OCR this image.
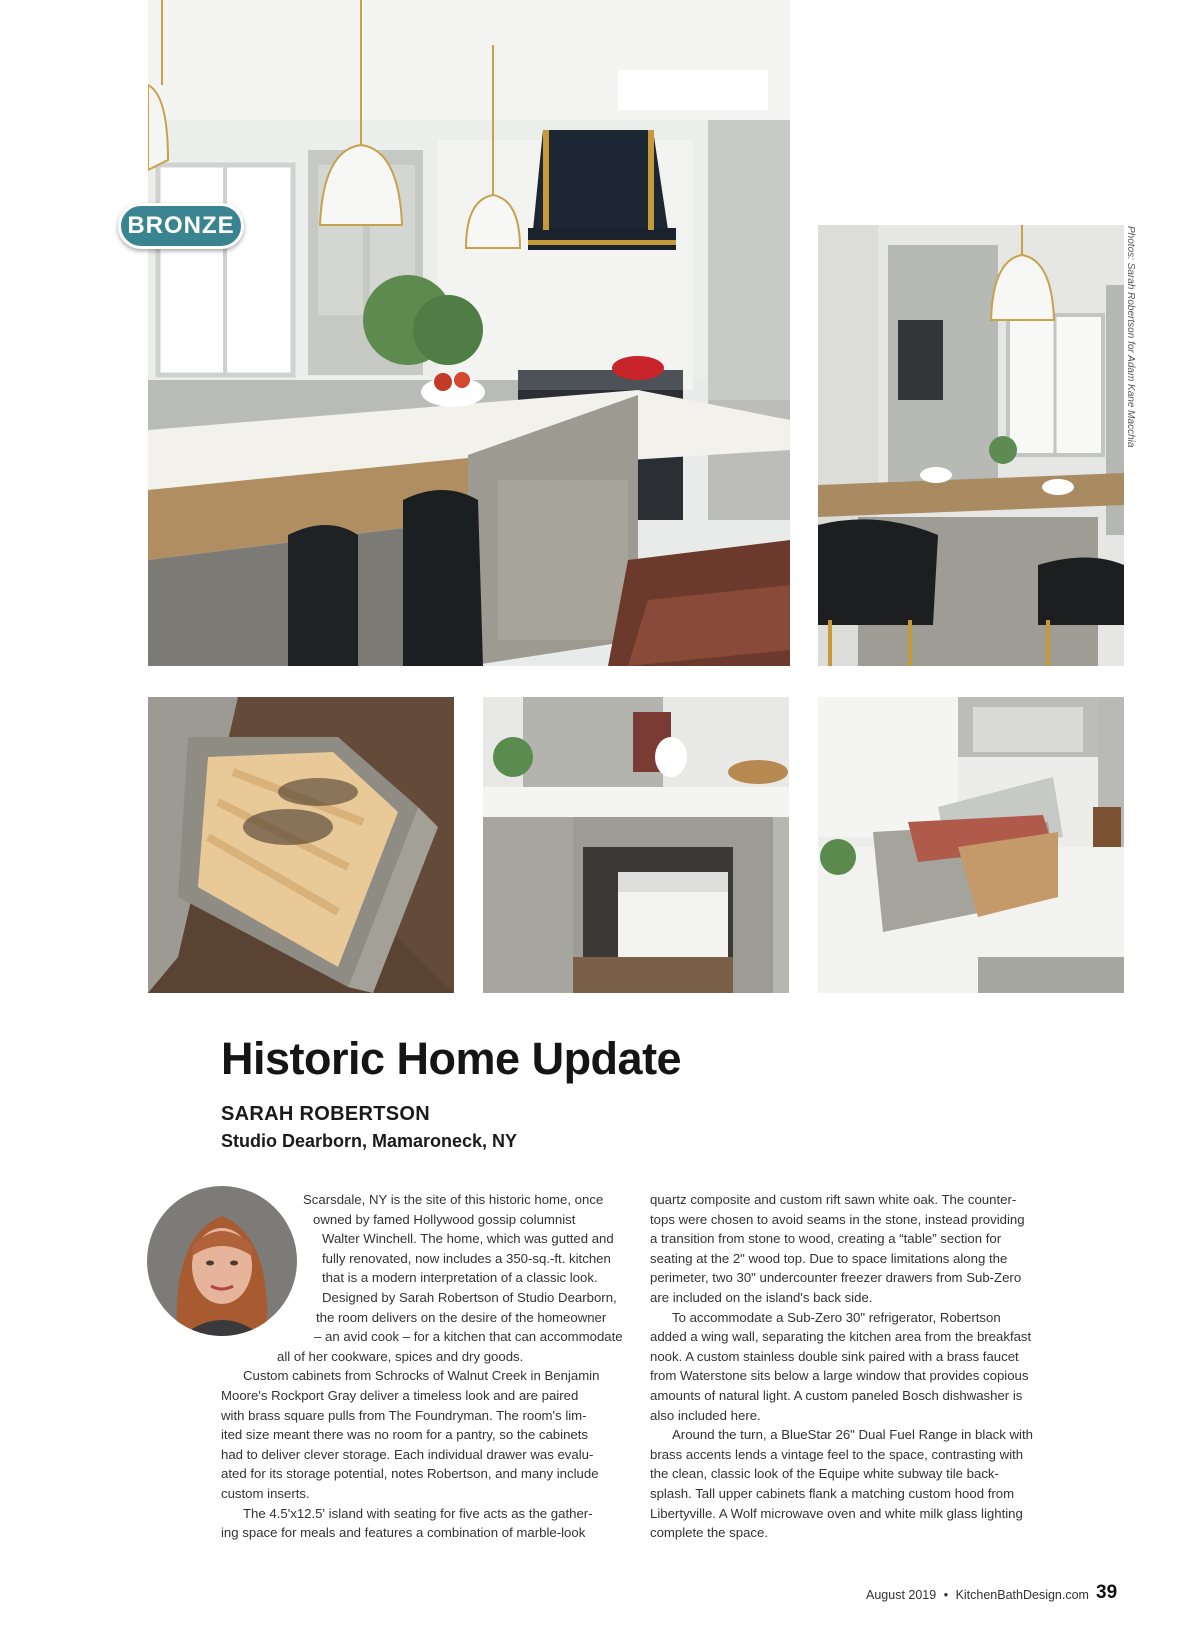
BRONZE
Photos: Sarah Robertson for Adam Kane Macchia
Historic Home Update
SARAH ROBERTSON
Studio Dearborn, Mamaroneck, NY
Scarsdale, NY is the site of this historic home, once
owned by famed Hollywood gossip columnist
Walter Winchell. The home, which was gutted and
fully renovated, now includes a 350-sq.-ft. kitchen
that is a modern interpretation of a classic look.
Designed by Sarah Robertson of Studio Dearborn,
the room delivers on the desire of the homeowner
– an avid cook – for a kitchen that can accommodate
all of her cookware, spices and dry goods.
Custom cabinets from Schrocks of Walnut Creek in Benjamin
Moore's Rockport Gray deliver a timeless look and are paired
with brass square pulls from The Foundryman. The room's lim-
ited size meant there was no room for a pantry, so the cabinets
had to deliver clever storage. Each individual drawer was evalu-
ated for its storage potential, notes Robertson, and many include
custom inserts.
The 4.5'x12.5' island with seating for five acts as the gather-
ing space for meals and features a combination of marble-look
quartz composite and custom rift sawn white oak. The counter-
tops were chosen to avoid seams in the stone, instead providing
a transition from stone to wood, creating a “table” section for
seating at the 2" wood top. Due to space limitations along the
perimeter, two 30" undercounter freezer drawers from Sub-Zero
are included on the island's back side.
To accommodate a Sub-Zero 30" refrigerator, Robertson
added a wing wall, separating the kitchen area from the breakfast
nook. A custom stainless double sink paired with a brass faucet
from Waterstone sits below a large window that provides copious
amounts of natural light. A custom paneled Bosch dishwasher is
also included here.
Around the turn, a BlueStar 26" Dual Fuel Range in black with
brass accents lends a vintage feel to the space, contrasting with
the clean, classic look of the Equipe white subway tile back-
splash. Tall upper cabinets flank a matching custom hood from
Libertyville. A Wolf microwave oven and white milk glass lighting
complete the space.
August 2019 • KitchenBathDesign.com 39
